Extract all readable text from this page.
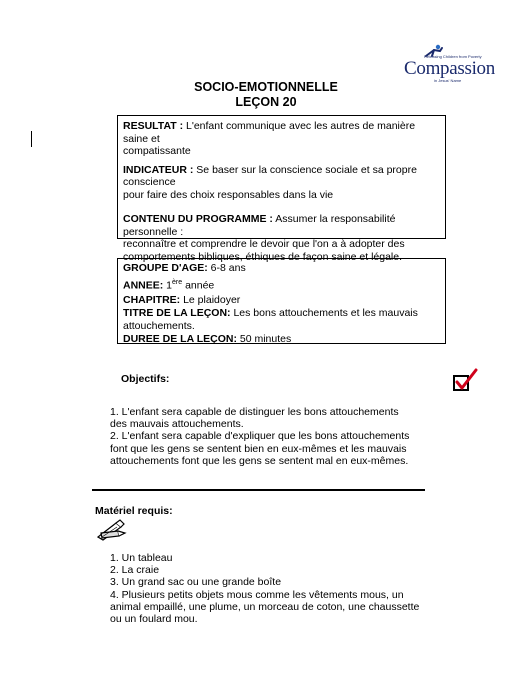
Releasing Children from Poverty
Compassion
in Jesus' Name
SOCIO-EMOTIONNELLE
LEÇON 20

RESULTAT : L'enfant communique avec les autres de manière saine et

compatissante

INDICATEUR : Se baser sur la conscience sociale et sa propre conscience

pour faire des choix responsables dans la vie

CONTENU DU PROGRAMME : Assumer la responsabilité personnelle :

reconnaître et comprendre le devoir que l'on a à adopter des

comportements bibliques, éthiques de façon saine et légale.

GROUPE D'AGE: 6-8 ans

ANNEE: 1ère année

CHAPITRE: Le plaidoyer

TITRE DE LA LEÇON: Les bons attouchements et les mauvais

attouchements.

DUREE DE LA LEÇON: 50 minutes

Objectifs:

1. L'enfant sera capable de distinguer les bons attouchements

des mauvais attouchements.

2. L'enfant sera capable d'expliquer que les bons attouchements

font que les gens se sentent bien en eux-mêmes et les mauvais

attouchements font que les gens se sentent mal en eux-mêmes.

Matériel requis:

1. Un tableau

2. La craie

3. Un grand sac ou une grande boîte

4. Plusieurs petits objets mous comme les vêtements mous, un

animal empaillé, une plume, un morceau de coton, une chaussette

ou un foulard mou.
